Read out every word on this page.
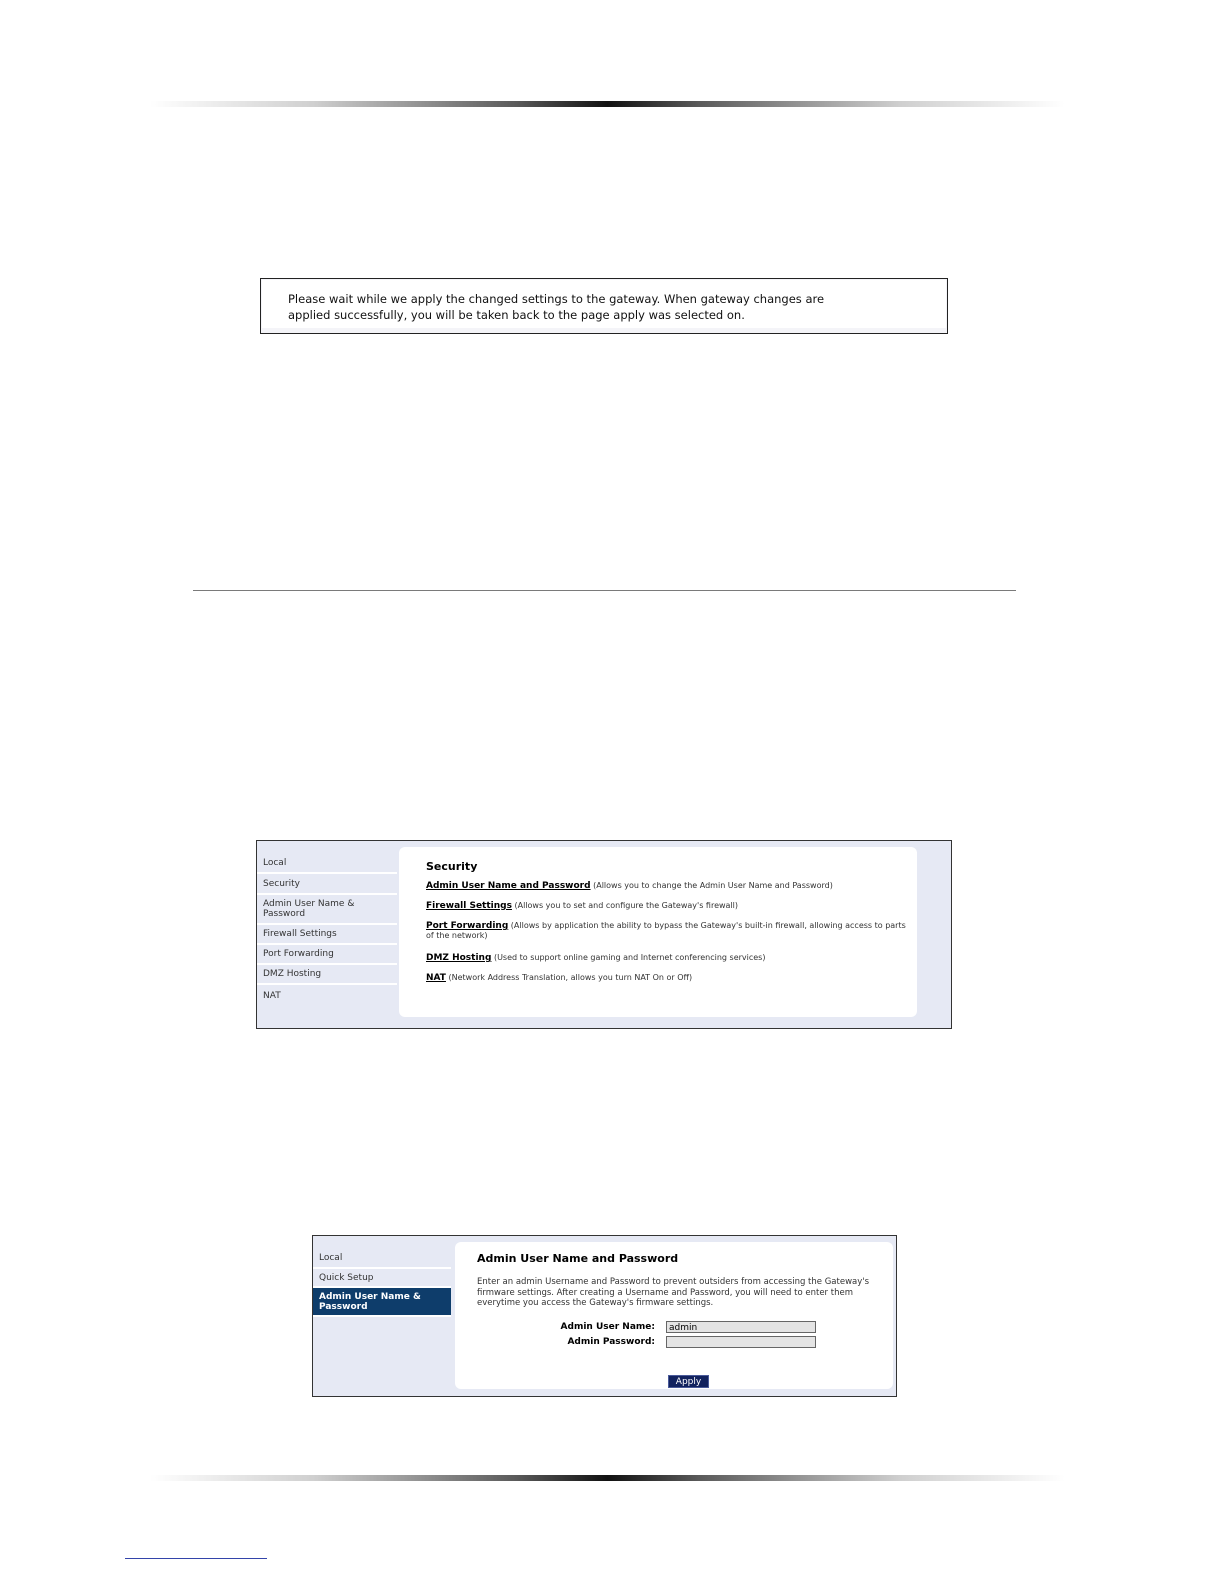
Please wait while we apply the changed settings to the gateway. When gateway changes are
applied successfully, you will be taken back to the page apply was selected on.
Local
Security
Admin User Name &
Password
Firewall Settings
Port Forwarding
DMZ Hosting
NAT
Security
Admin User Name and Password (Allows you to change the Admin User Name and Password)
Firewall Settings (Allows you to set and configure the Gateway's firewall)
Port Forwarding (Allows by application the ability to bypass the Gateway's built-in firewall, allowing access to parts of the network)
DMZ Hosting (Used to support online gaming and Internet conferencing services)
NAT (Network Address Translation, allows you turn NAT On or Off)
Local
Quick Setup
Admin User Name &
Password
Admin User Name and Password
Enter an admin Username and Password to prevent outsiders from accessing the Gateway's firmware settings. After creating a Username and Password, you will need to enter them everytime you access the Gateway's firmware settings.
Admin User Name:	admin
Admin Password:
Apply
